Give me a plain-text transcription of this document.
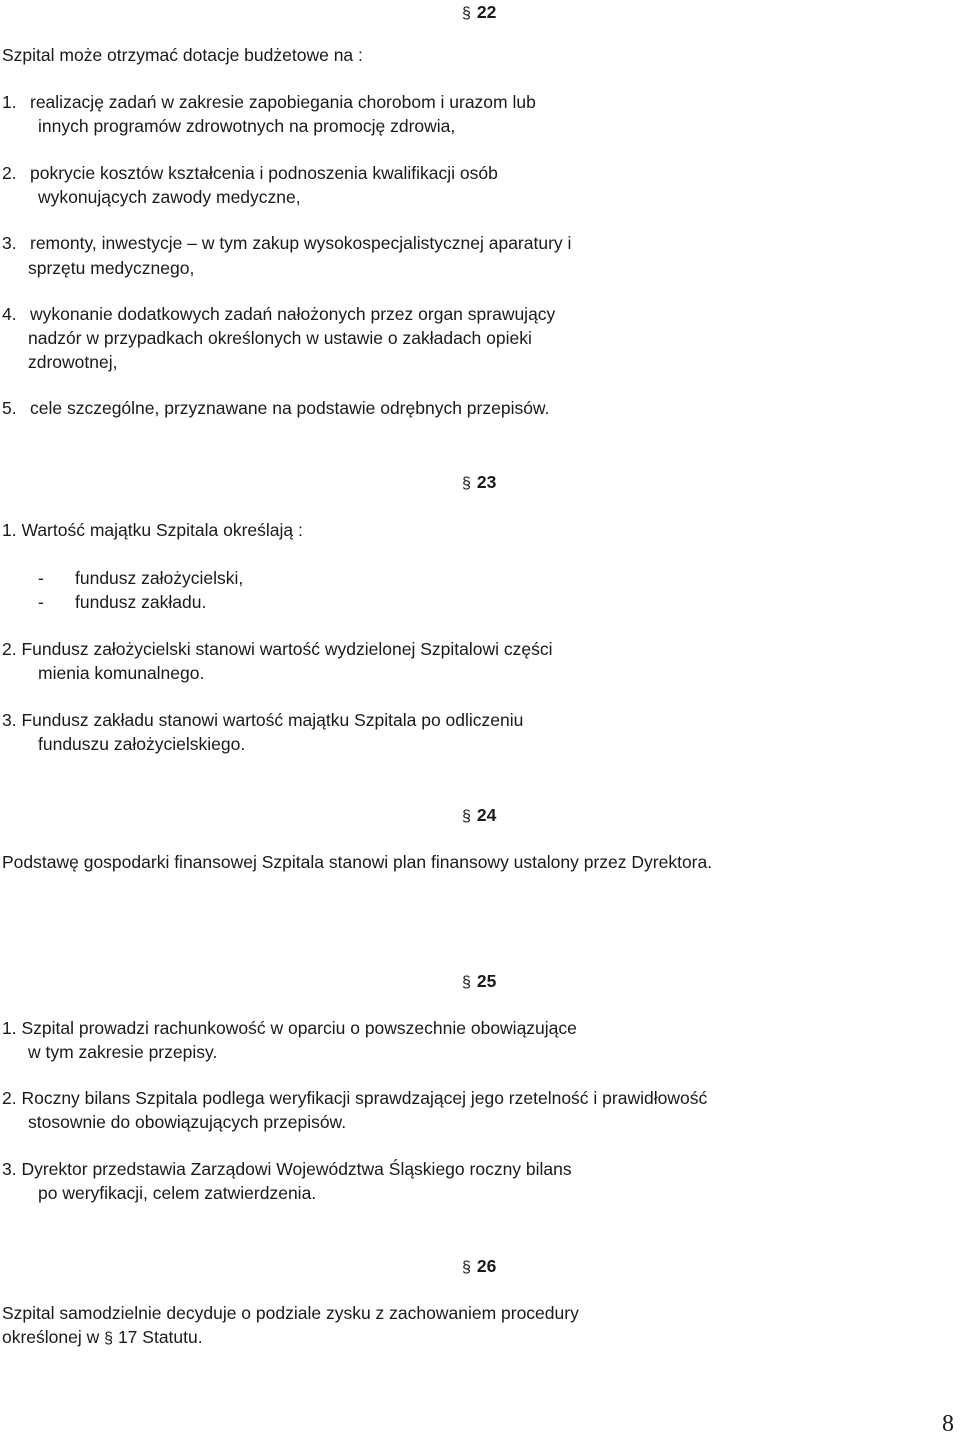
§ 22
Szpital może otrzymać dotacje budżetowe na :
1. realizację zadań w zakresie zapobiegania chorobom i urazom lub
innych programów zdrowotnych na promocję zdrowia,
2. pokrycie kosztów kształcenia i podnoszenia kwalifikacji osób
wykonujących zawody medyczne,
3. remonty, inwestycje – w tym zakup wysokospecjalistycznej aparatury i
sprzętu medycznego,
4. wykonanie dodatkowych zadań nałożonych przez organ sprawujący
nadzór w przypadkach określonych w ustawie o zakładach opieki
zdrowotnej,
5. cele szczególne, przyznawane na podstawie odrębnych przepisów.
§ 23
1. Wartość majątku Szpitala określają :
- fundusz założycielski,
- fundusz zakładu.
2. Fundusz założycielski stanowi wartość wydzielonej Szpitalowi części
mienia komunalnego.
3. Fundusz zakładu stanowi wartość majątku Szpitala po odliczeniu
funduszu założycielskiego.
§ 24
Podstawę gospodarki finansowej Szpitala stanowi plan finansowy ustalony przez Dyrektora.
§ 25
1. Szpital prowadzi rachunkowość w oparciu o powszechnie obowiązujące
w tym zakresie przepisy.
2. Roczny bilans Szpitala podlega weryfikacji sprawdzającej jego rzetelność i prawidłowość
stosownie do obowiązujących przepisów.
3. Dyrektor przedstawia Zarządowi Województwa Śląskiego roczny bilans
po weryfikacji, celem zatwierdzenia.
§ 26
Szpital samodzielnie decyduje o podziale zysku z zachowaniem procedury
określonej w § 17 Statutu.
8
